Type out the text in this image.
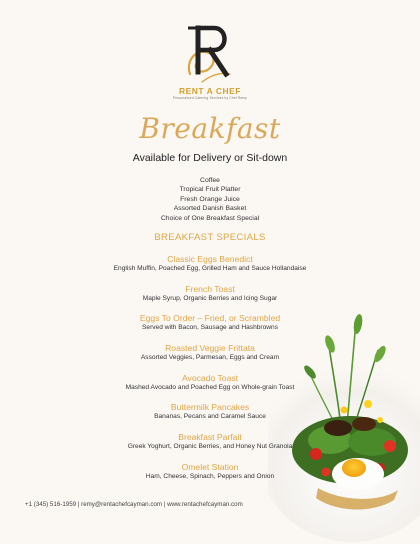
RENT A CHEF
Personalized Catering Services by Chef Remy
Breakfast
Available for Delivery or Sit-down
Coffee
Tropical Fruit Platter
Fresh Orange Juice
Assorted Danish Basket
Choice of One Breakfast Special
BREAKFAST SPECIALS
Classic Eggs Benedict
English Muffin, Poached Egg, Grilled Ham and Sauce Hollandaise
French Toast
Maple Syrup, Organic Berries and Icing Sugar
Eggs To Order – Fried, or Scrambled
Served with Bacon, Sausage and Hashbrowns
Roasted Veggie Frittata
Assorted Veggies, Parmesan, Eggs and Cream
Avocado Toast
Mashed Avocado and Poached Egg on Whole-grain Toast
Buttermilk Pancakes
Bananas, Pecans and Caramel Sauce
Breakfast Parfait
Greek Yoghurt, Organic Berries, and Honey Nut Granola
Omelet Station
Ham, Cheese, Spinach, Peppers and Onion
+1 (345) 516-1959 | remy@rentachefcayman.com | www.rentachefcayman.com
